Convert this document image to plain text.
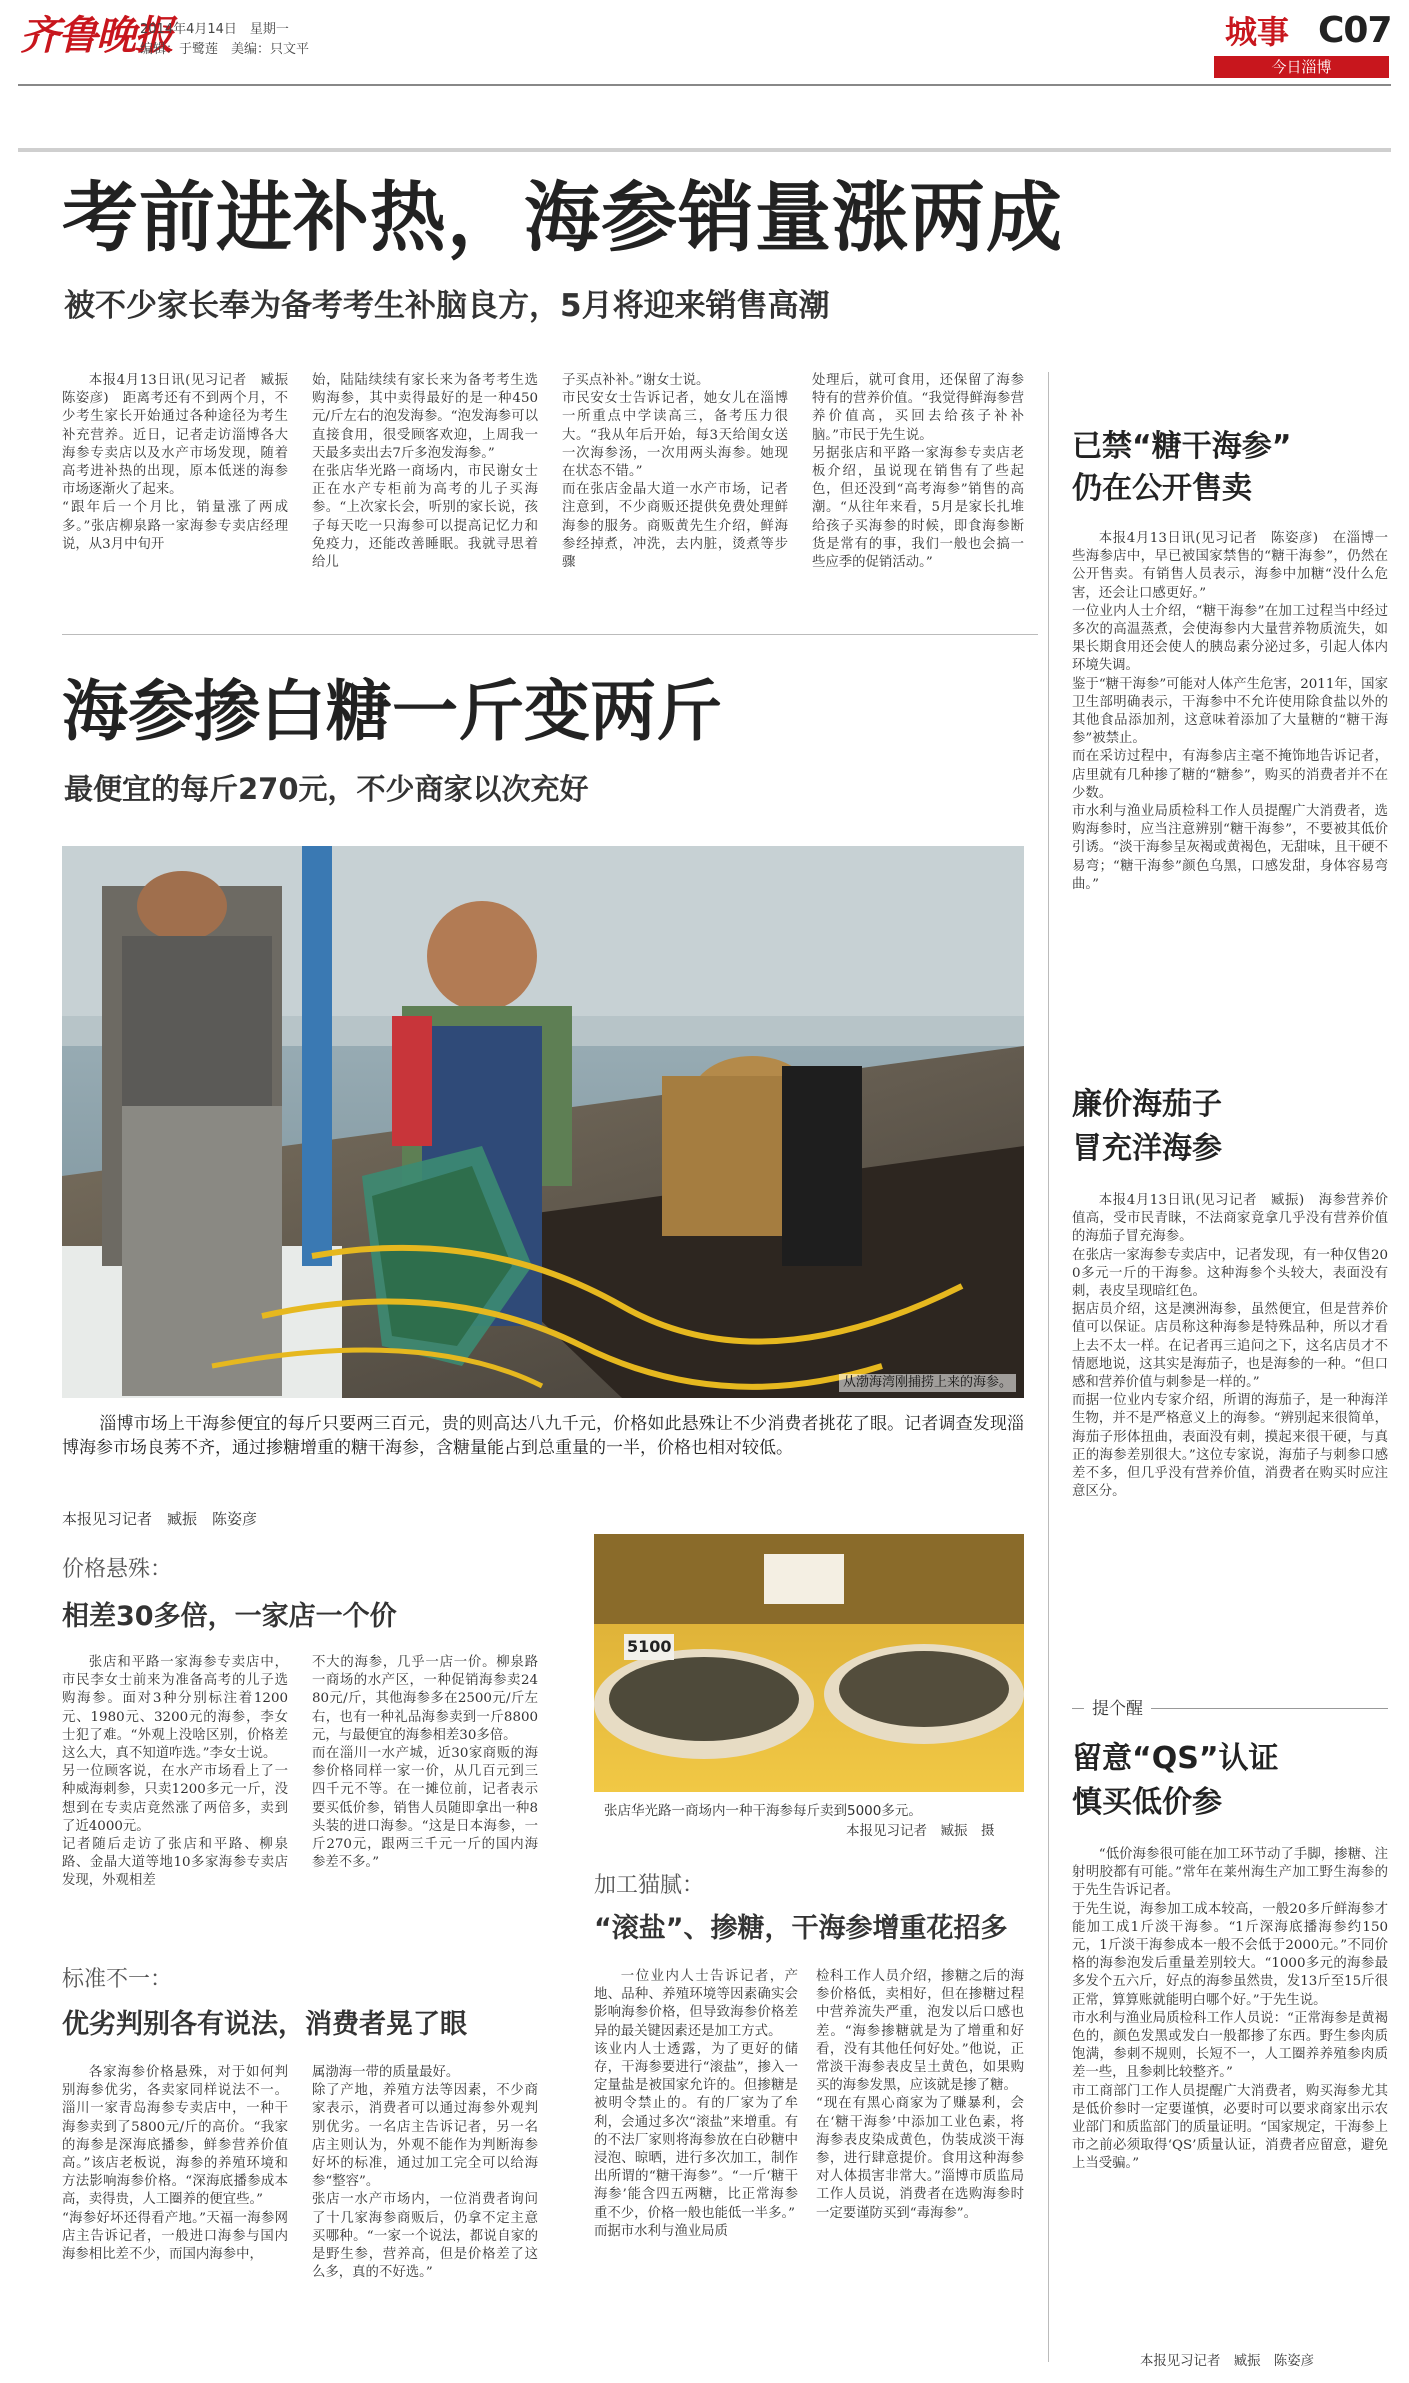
齐鲁晚报
2014年4月14日　星期一
编辑：于鹭莲　美编：只文平	城事 C07
今日淄博
考前进补热，海参销量涨两成
被不少家长奉为备考考生补脑良方，5月将迎来销售高潮

本报4月13日讯(见习记者　臧振　陈姿彦)　距离考还有不到两个月，不少考生家长开始通过各种途径为考生补充营养。近日，记者走访淄博各大海参专卖店以及水产市场发现，随着高考进补热的出现，原本低迷的海参市场逐渐火了起来。
“跟年后一个月比，销量涨了两成多。”张店柳泉路一家海参专卖店经理说，从3月中旬开

始，陆陆续续有家长来为备考考生选购海参，其中卖得最好的是一种450元/斤左右的泡发海参。“泡发海参可以直接食用，很受顾客欢迎，上周我一天最多卖出去7斤多泡发海参。”
在张店华光路一商场内，市民谢女士正在水产专柜前为高考的儿子买海参。“上次家长会，听别的家长说，孩子每天吃一只海参可以提高记忆力和免疫力，还能改善睡眠。我就寻思着给儿

子买点补补。”谢女士说。
市民安女士告诉记者，她女儿在淄博一所重点中学读高三，备考压力很大。“我从年后开始，每3天给闺女送一次海参汤，一次用两头海参。她现在状态不错。”
而在张店金晶大道一水产市场，记者注意到，不少商贩还提供免费处理鲜海参的服务。商贩黄先生介绍，鲜海参经掉煮，冲洗，去内脏，烫煮等步骤

处理后，就可食用，还保留了海参特有的营养价值。“我觉得鲜海参营养价值高，买回去给孩子补补脑。”市民于先生说。
另据张店和平路一家海参专卖店老板介绍，虽说现在销售有了些起色，但还没到“高考海参”销售的高潮。“从往年来看，5月是家长扎堆给孩子买海参的时候，即食海参断货是常有的事，我们一般也会搞一些应季的促销活动。”

海参掺白糖一斤变两斤
最便宜的每斤270元，不少商家以次充好
从渤海湾刚捕捞上来的海参。

淄博市场上干海参便宜的每斤只要两三百元，贵的则高达八九千元，价格如此悬殊让不少消费者挑花了眼。记者调查发现淄博海参市场良莠不齐，通过掺糖增重的糖干海参，含糖量能占到总重量的一半，价格也相对较低。

本报见习记者　臧振　陈姿彦
价格悬殊：
相差30多倍，一家店一个价

张店和平路一家海参专卖店中，市民李女士前来为准备高考的儿子选购海参。面对3种分别标注着1200元、1980元、3200元的海参，李女士犯了难。“外观上没啥区别，价格差这么大，真不知道咋选。”李女士说。
另一位顾客说，在水产市场看上了一种威海刺参，只卖1200多元一斤，没想到在专卖店竟然涨了两倍多，卖到了近4000元。
记者随后走访了张店和平路、柳泉路、金晶大道等地10多家海参专卖店发现，外观相差

不大的海参，几乎一店一价。柳泉路一商场的水产区，一种促销海参卖2480元/斤，其他海参多在2500元/斤左右，也有一种礼品海参卖到一斤8800元，与最便宜的海参相差30多倍。
而在淄川一水产城，近30家商贩的海参价格同样一家一价，从几百元到三四千元不等。在一摊位前，记者表示要买低价参，销售人员随即拿出一种8头装的进口海参。“这是日本海参，一斤270元，跟两三千元一斤的国内海参差不多。”

标准不一：
优劣判别各有说法，消费者晃了眼

各家海参价格悬殊，对于如何判别海参优劣，各卖家同样说法不一。淄川一家青岛海参专卖店中，一种干海参卖到了5800元/斤的高价。“我家的海参是深海底播参，鲜参营养价值高。”该店老板说，海参的养殖环境和方法影响海参价格。“深海底播参成本高，卖得贵，人工圈养的便宜些。”
“海参好坏还得看产地。”天福一海参网店主告诉记者，一般进口海参与国内海参相比差不少，而国内海参中，

属渤海一带的质量最好。
除了产地，养殖方法等因素，不少商家表示，消费者可以通过海参外观判别优劣。一名店主告诉记者，另一名店主则认为，外观不能作为判断海参好坏的标准，通过加工完全可以给海参“整容”。
张店一水产市场内，一位消费者询问了十几家海参商贩后，仍拿不定主意买哪种。“一家一个说法，都说自家的是野生参，营养高，但是价格差了这么多，真的不好选。”

5100
张店华光路一商场内一种干海参每斤卖到5000多元。
本报见习记者　臧振　摄
加工猫腻：
“滚盐”、掺糖，干海参增重花招多

一位业内人士告诉记者，产地、品种、养殖环境等因素确实会影响海参价格，但导致海参价格差异的最关键因素还是加工方式。
该业内人士透露，为了更好的储存，干海参要进行“滚盐”，掺入一定量盐是被国家允许的。但掺糖是被明令禁止的。有的厂家为了牟利，会通过多次“滚盐”来增重。有的不法厂家则将海参放在白砂糖中浸泡、晾晒，进行多次加工，制作出所谓的“糖干海参”。“一斤‘糖干海参’能含四五两糖，比正常海参重不少，价格一般也能低一半多。”
而据市水利与渔业局质

检科工作人员介绍，掺糖之后的海参价格低，卖相好，但在掺糖过程中营养流失严重，泡发以后口感也差。“海参掺糖就是为了增重和好看，没有其他任何好处。”他说，正常淡干海参表皮呈土黄色，如果购买的海参发黑，应该就是掺了糖。
“现在有黑心商家为了赚暴利，会在‘糖干海参’中添加工业色素，将海参表皮染成黄色，伪装成淡干海参，进行肆意提价。食用这种海参对人体损害非常大。”淄博市质监局工作人员说，消费者在选购海参时一定要谨防买到“毒海参”。

已禁“糖干海参”
仍在公开售卖

本报4月13日讯(见习记者　陈姿彦)　在淄博一些海参店中，早已被国家禁售的“糖干海参”，仍然在公开售卖。有销售人员表示，海参中加糖“没什么危害，还会让口感更好。”
一位业内人士介绍，“糖干海参”在加工过程当中经过多次的高温蒸煮，会使海参内大量营养物质流失，如果长期食用还会使人的胰岛素分泌过多，引起人体内环境失调。
鉴于“糖干海参”可能对人体产生危害，2011年，国家卫生部明确表示，干海参中不允许使用除食盐以外的其他食品添加剂，这意味着添加了大量糖的“糖干海参”被禁止。
而在采访过程中，有海参店主毫不掩饰地告诉记者，店里就有几种掺了糖的“糖参”，购买的消费者并不在少数。
市水利与渔业局质检科工作人员提醒广大消费者，选购海参时，应当注意辨别“糖干海参”，不要被其低价引诱。“淡干海参呈灰褐或黄褐色，无甜味，且干硬不易弯；“糖干海参”颜色乌黑，口感发甜，身体容易弯曲。”

廉价海茄子
冒充洋海参

本报4月13日讯(见习记者　臧振)　海参营养价值高，受市民青睐，不法商家竟拿几乎没有营养价值的海茄子冒充海参。
在张店一家海参专卖店中，记者发现，有一种仅售200多元一斤的干海参。这种海参个头较大，表面没有刺，表皮呈现暗红色。
据店员介绍，这是澳洲海参，虽然便宜，但是营养价值可以保证。店员称这种海参是特殊品种，所以才看上去不太一样。在记者再三追问之下，这名店员才不情愿地说，这其实是海茄子，也是海参的一种。“但口感和营养价值与刺参是一样的。”
而据一位业内专家介绍，所谓的海茄子，是一种海洋生物，并不是严格意义上的海参。“辨别起来很简单，海茄子形体扭曲，表面没有刺，摸起来很干硬，与真正的海参差别很大。”这位专家说，海茄子与刺参口感差不多，但几乎没有营养价值，消费者在购买时应注意区分。

提个醒
留意“QS”认证
慎买低价参

“低价海参很可能在加工环节动了手脚，掺糖、注射明胶都有可能。”常年在莱州海生产加工野生海参的于先生告诉记者。
于先生说，海参加工成本较高，一般20多斤鲜海参才能加工成1斤淡干海参。“1斤深海底播海参约150元，1斤淡干海参成本一般不会低于2000元。”不同价格的海参泡发后重量差别较大。“1000多元的海参最多发个五六斤，好点的海参虽然贵，发13斤至15斤很正常，算算账就能明白哪个好。”于先生说。
市水利与渔业局质检科工作人员说：“正常海参是黄褐色的，颜色发黑或发白一般都掺了东西。野生参肉质饱满，参刺不规则，长短不一，人工圈养养殖参肉质差一些，且参刺比较整齐。”
市工商部门工作人员提醒广大消费者，购买海参尤其是低价参时一定要谨慎，必要时可以要求商家出示农业部门和质监部门的质量证明。“国家规定，干海参上市之前必须取得‘QS’质量认证，消费者应留意，避免上当受骗。”

本报见习记者　臧振　陈姿彦
